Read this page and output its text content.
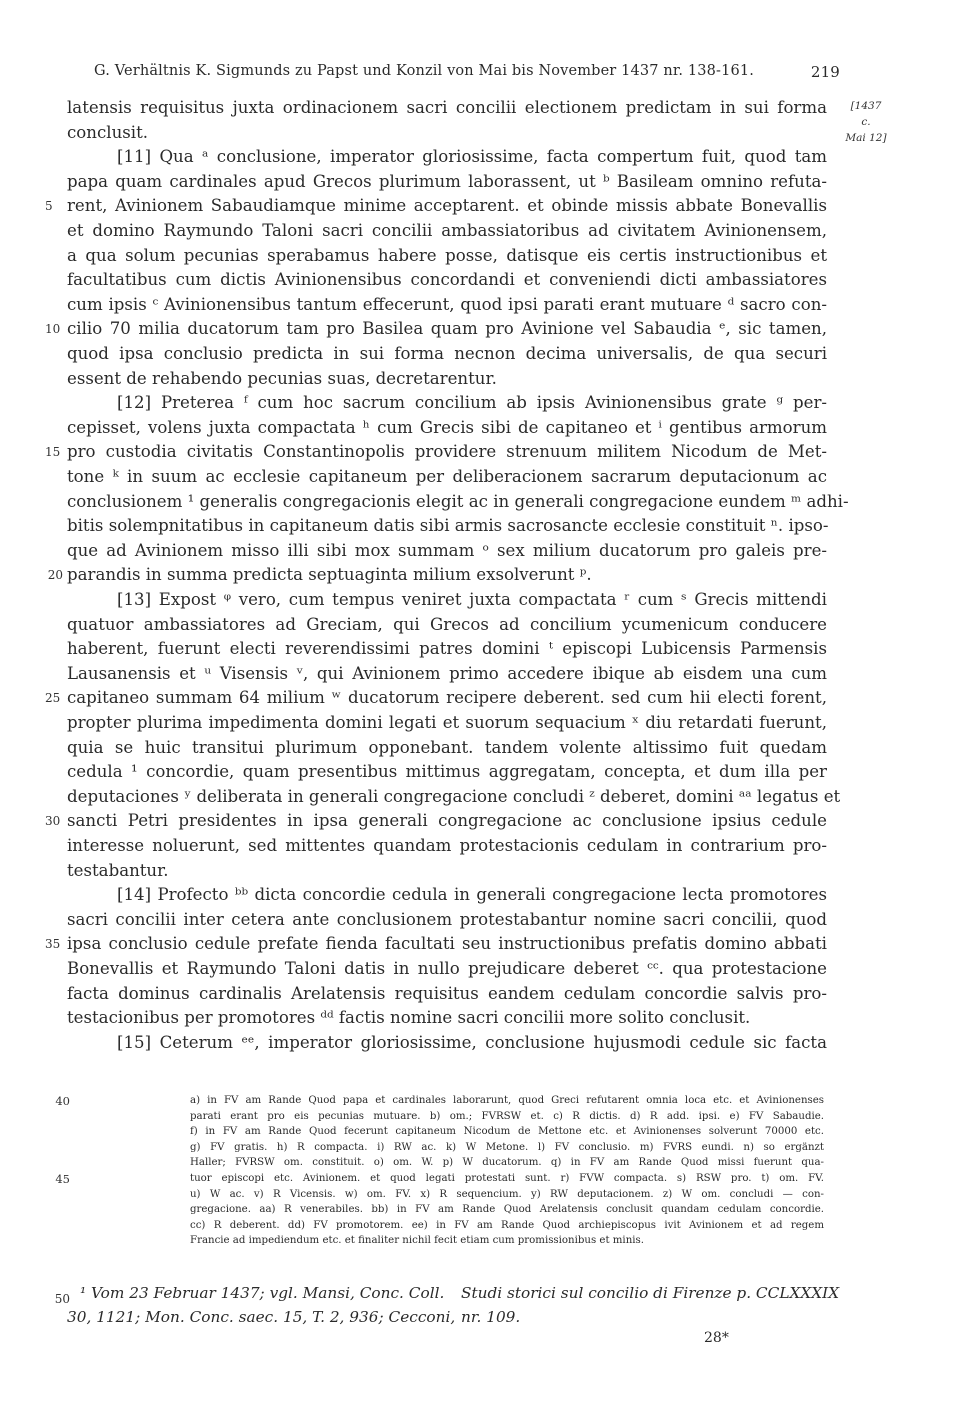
G. Verhältnis K. Sigmunds zu Papst und Konzil von Mai bis November 1437 nr. 138-161.	219
[1437
c.
Mai 12]
latensis requisitus juxta ordinacionem sacri concilii electionem predictam in sui forma
conclusit.
[11] Qua ᵃ conclusione, imperator gloriosissime, facta compertum fuit, quod tam
papa quam cardinales apud Grecos plurimum laborassent, ut ᵇ Basileam omnino refuta-
5 rent, Avinionem Sabaudiamque minime acceptarent. et obinde missis abbate Bonevallis
et domino Raymundo Taloni sacri concilii ambassiatoribus ad civitatem Avinionensem,
a qua solum pecunias sperabamus habere posse, datisque eis certis instructionibus et
facultatibus cum dictis Avinionensibus concordandi et conveniendi dicti ambassiatores
cum ipsis ᶜ Avinionensibus tantum effecerunt, quod ipsi parati erant mutuare ᵈ sacro con-
10 cilio 70 milia ducatorum tam pro Basilea quam pro Avinione vel Sabaudia ᵉ, sic tamen,
quod ipsa conclusio predicta in sui forma necnon decima universalis, de qua securi
essent de rehabendo pecunias suas, decretarentur.
[12] Preterea ᶠ cum hoc sacrum concilium ab ipsis Avinionensibus grate ᵍ per-
cepisset, volens juxta compactata ʰ cum Grecis sibi de capitaneo et ⁱ gentibus armorum
15 pro custodia civitatis Constantinopolis providere strenuum militem Nicodum de Met-
tone ᵏ in suum ac ecclesie capitaneum per deliberacionem sacrarum deputacionum ac
conclusionem ¹ generalis congregacionis elegit ac in generali congregacione eundem ᵐ adhi-
bitis solempnitatibus in capitaneum datis sibi armis sacrosancte ecclesie constituit ⁿ. ipso-
que ad Avinionem misso illi sibi mox summam ᵒ sex milium ducatorum pro galeis pre-
20 parandis in summa predicta septuaginta milium exsolverunt ᵖ.
[13] Expost ᵠ vero, cum tempus veniret juxta compactata ʳ cum ˢ Grecis mittendi
quatuor ambassiatores ad Greciam, qui Grecos ad concilium ycumenicum conducere
haberent, fuerunt electi reverendissimi patres domini ᵗ episcopi Lubicensis Parmensis
Lausanensis et ᵘ Visensis ᵛ, qui Avinionem primo accedere ibique ab eisdem una cum
25 capitaneo summam 64 milium ʷ ducatorum recipere deberent. sed cum hii electi forent,
propter plurima impedimenta domini legati et suorum sequacium ˣ diu retardati fuerunt,
quia se huic transitui plurimum opponebant. tandem volente altissimo fuit quedam
cedula ¹ concordie, quam presentibus mittimus aggregatam, concepta, et dum illa per
deputaciones ʸ deliberata in generali congregacione concludi ᶻ deberet, domini ᵃᵃ legatus et
30 sancti Petri presidentes in ipsa generali congregacione ac conclusione ipsius cedule
interesse noluerunt, sed mittentes quandam protestacionis cedulam in contrarium pro-
testabantur.
[14] Profecto ᵇᵇ dicta concordie cedula in generali congregacione lecta promotores
sacri concilii inter cetera ante conclusionem protestabantur nomine sacri concilii, quod
35 ipsa conclusio cedule prefate fienda facultati seu instructionibus prefatis domino abbati
Bonevallis et Raymundo Taloni datis in nullo prejudicare deberet ᶜᶜ. qua protestacione
facta dominus cardinalis Arelatensis requisitus eandem cedulam concordie salvis pro-
testacionibus per promotores ᵈᵈ factis nomine sacri concilii more solito conclusit.
[15] Ceterum ᵉᵉ, imperator gloriosissime, conclusione hujusmodi cedule sic facta
40	a) in FV am Rande Quod papa et cardinales laborarunt, quod Greci refutarent omnia loca etc. et Avinionenses
parati erant pro eis pecunias mutuare. b) om.; FVRSW et. c) R dictis. d) R add. ipsi. e) FV Sabaudie.
f) in FV am Rande Quod fecerunt capitaneum Nicodum de Mettone etc. et Avinionenses solverunt 70000 etc.
g) FV gratis. h) R compacta. i) RW ac. k) W Metone. l) FV conclusio. m) FVRS eundi. n) so ergänzt
Haller; FVRSW om. constituit. o) om. W. p) W ducatorum. q) in FV am Rande Quod missi fuerunt qua-
45	tuor episcopi etc. Avinionem. et quod legati protestati sunt. r) FVW compacta. s) RSW pro. t) om. FV.
u) W ac. v) R Vicensis. w) om. FV. x) R sequencium. y) RW deputacionem. z) W om. concludi — con-
gregacione. aa) R venerabiles. bb) in FV am Rande Quod Arelatensis conclusit quandam cedulam concordie.
cc) R deberent. dd) FV promotorem. ee) in FV am Rande Quod archiepiscopus ivit Avinionem et ad regem
Francie ad impediendum etc. et finaliter nichil fecit etiam cum promissionibus et minis.
50 ¹ Vom 23 Februar 1437; vgl. Mansi, Conc. Coll.
30, 1121; Mon. Conc. saec. 15, T. 2, 936; Cecconi,
Studi storici sul concilio di Firenze p. CCLXXXIX
nr. 109.
28*
